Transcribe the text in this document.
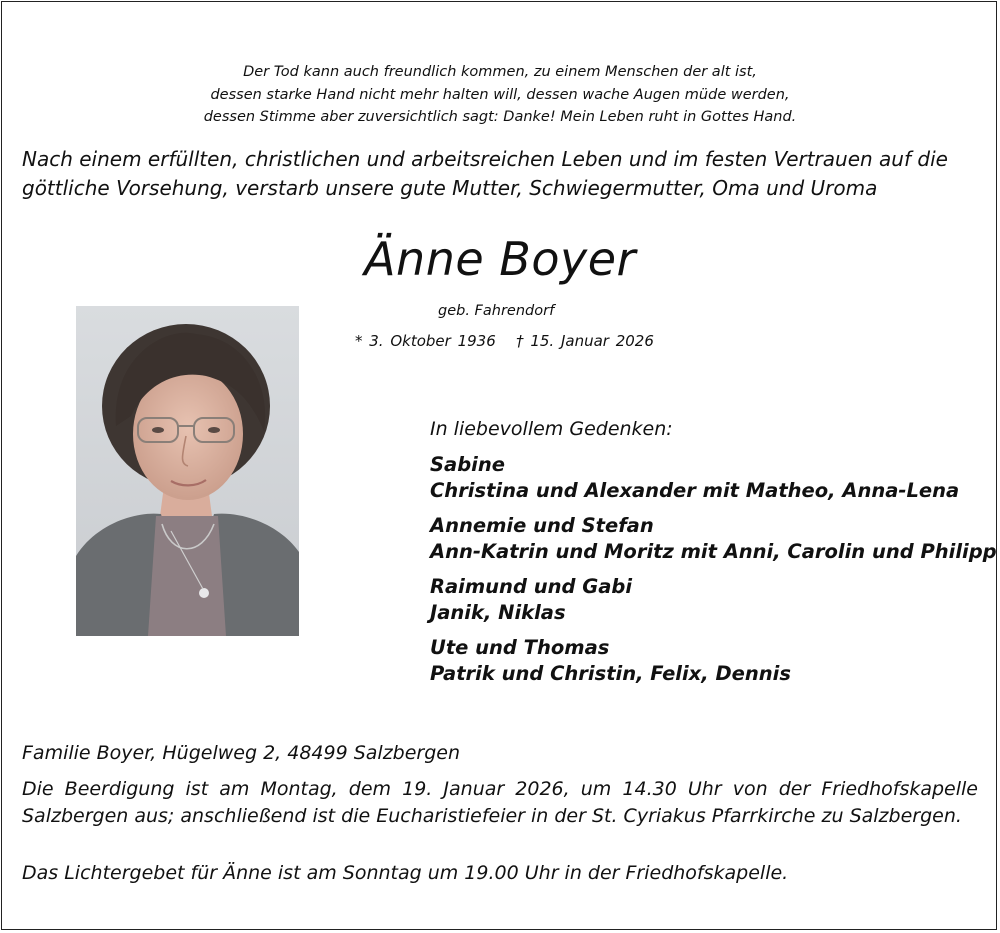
Der Tod kann auch freundlich kommen, zu einem Menschen der alt ist,
dessen starke Hand nicht mehr halten will, dessen wache Augen müde werden,
dessen Stimme aber zuversichtlich sagt: Danke! Mein Leben ruht in Gottes Hand.
Nach einem erfüllten, christlichen und arbeitsreichen Leben und im festen Vertrauen auf die
göttliche Vorsehung, verstarb unsere gute Mutter, Schwiegermutter, Oma und Uroma
Änne Boyer
geb. Fahrendorf
* 3. Oktober 1936   † 15. Januar 2026
In liebevollem Gedenken:
Sabine
Christina und Alexander mit Matheo, Anna-Lena
Annemie und Stefan
Ann-Katrin und Moritz mit Anni, Carolin und Philipp
Raimund und Gabi
Janik, Niklas
Ute und Thomas
Patrik und Christin, Felix, Dennis
Familie Boyer, Hügelweg 2, 48499 Salzbergen
Die Beerdigung ist am Montag, dem 19. Januar 2026, um 14.30 Uhr von der Friedhofskapelle Salzbergen aus; anschließend ist die Eucharistiefeier in der St. Cyriakus Pfarrkirche zu Salzbergen.
Das Lichtergebet für Änne ist am Sonntag um 19.00 Uhr in der Friedhofskapelle.
